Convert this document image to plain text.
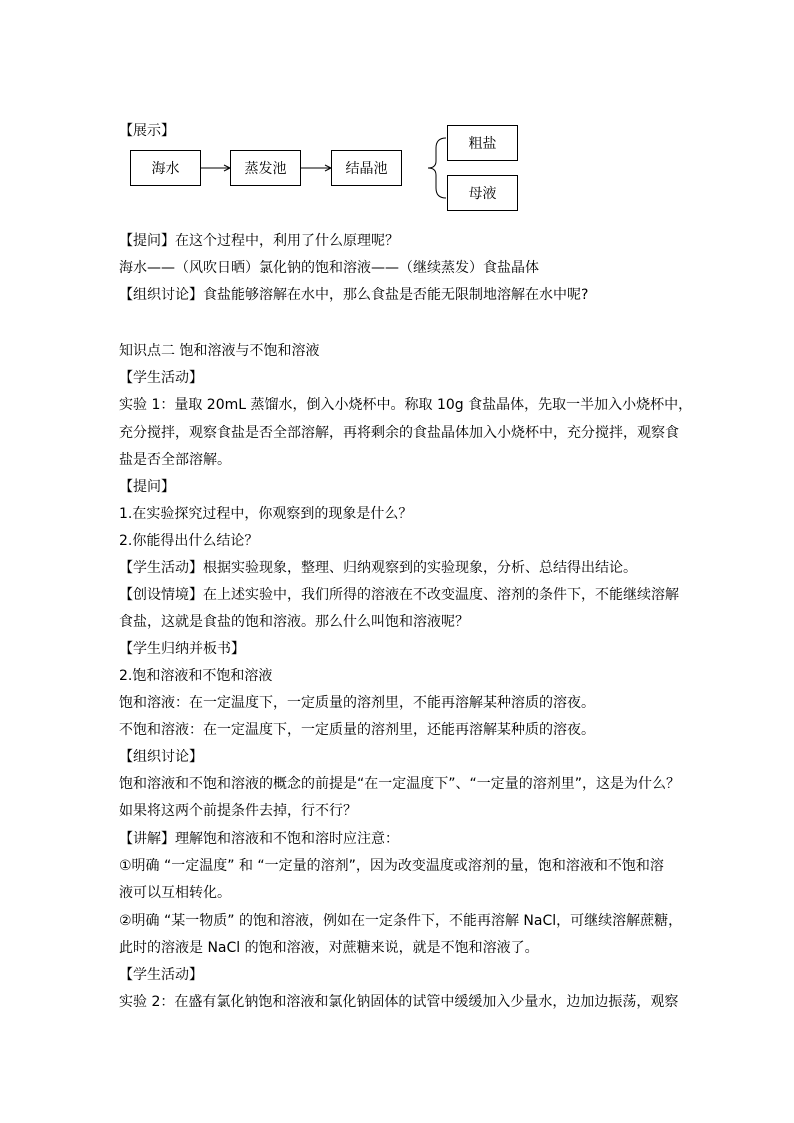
【展示】
海水	蒸发池	结晶池
粗盐
母液
【提问】在这个过程中，利用了什么原理呢？
海水——（风吹日晒）氯化钠的饱和溶液——（继续蒸发）食盐晶体
【组织讨论】食盐能够溶解在水中，那么食盐是否能无限制地溶解在水中呢?
知识点二 饱和溶液与不饱和溶液
【学生活动】
实验 1：量取 20mL 蒸馏水，倒入小烧杯中。称取 10g 食盐晶体，先取一半加入小烧杯中，
充分搅拌，观察食盐是否全部溶解，再将剩余的食盐晶体加入小烧杯中，充分搅拌，观察食
盐是否全部溶解。
【提问】
1.在实验探究过程中，你观察到的现象是什么？
2.你能得出什么结论？
【学生活动】根据实验现象，整理、归纳观察到的实验现象，分析、总结得出结论。
【创设情境】在上述实验中，我们所得的溶液在不改变温度、溶剂的条件下，不能继续溶解
食盐，这就是食盐的饱和溶液。那么什么叫饱和溶液呢？
【学生归纳并板书】
2.饱和溶液和不饱和溶液
饱和溶液：在一定温度下，一定质量的溶剂里，不能再溶解某种溶质的溶夜。
不饱和溶液：在一定温度下，一定质量的溶剂里，还能再溶解某种质的溶夜。
【组织讨论】
饱和溶液和不饱和溶液的概念的前提是“在一定温度下”、“一定量的溶剂里”，这是为什么？
如果将这两个前提条件去掉，行不行？
【讲解】理解饱和溶液和不饱和溶时应注意：
①明确 “一定温度” 和 “一定量的溶剂”，因为改变温度或溶剂的量，饱和溶液和不饱和溶
液可以互相转化。
②明确 “某一物质” 的饱和溶液，例如在一定条件下，不能再溶解 NaCl，可继续溶解蔗糖，
此时的溶液是 NaCl 的饱和溶液，对蔗糖来说，就是不饱和溶液了。
【学生活动】
实验 2：在盛有氯化钠饱和溶液和氯化钠固体的试管中缓缓加入少量水，边加边振荡，观察
